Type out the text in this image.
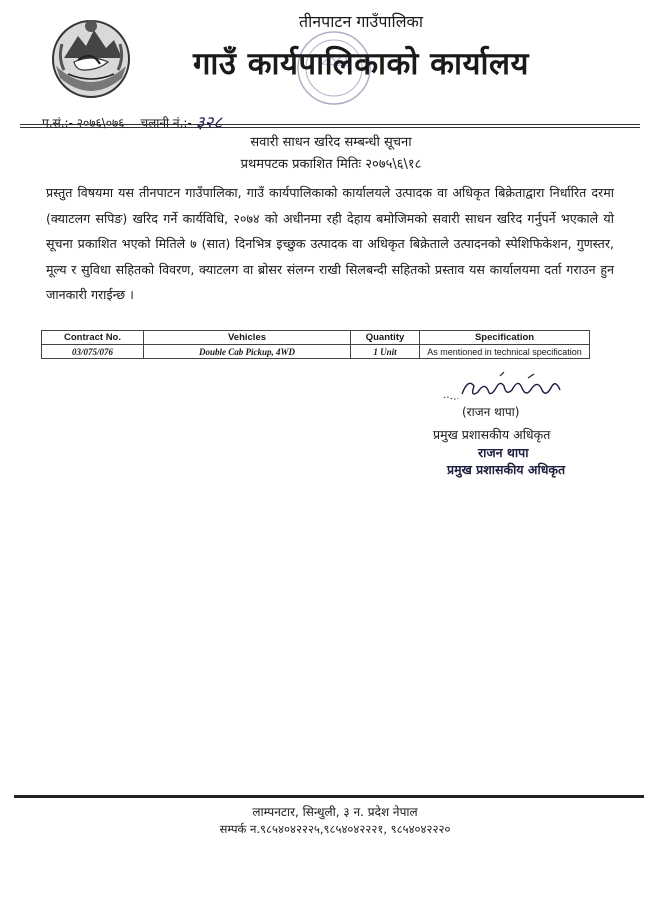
तीनपाटन गाउँपालिका
गाउँ कार्यपालिकाको कार्यालय
प.सं.:- २०७६\०७६ चलानी नं.:- ३२८
सवारी साधन खरिद सम्बन्धी सूचना
प्रथमपटक प्रकाशित मितिः २०७५\६\१८
प्रस्तुत विषयमा यस तीनपाटन गाउँपालिका, गाउँ कार्यपालिकाको कार्यालयले उत्पादक वा अधिकृत बिक्रेताद्वारा निर्धारित दरमा (क्याटलग सपिङ) खरिद गर्ने कार्यविधि, २०७४ को अधीनमा रही देहाय बमोजिमको सवारी साधन खरिद गर्नुपर्ने भएकाले यो सूचना प्रकाशित भएको मितिले ७ (सात) दिनभित्र इच्छुक उत्पादक वा अधिकृत बिक्रेताले उत्पादनको स्पेशिफिकेशन, गुणस्तर, मूल्य र सुविधा सहितको विवरण, क्याटलग वा ब्रोसर संलग्न राखी सिलबन्दी सहितको प्रस्ताव यस कार्यालयमा दर्ता गराउन हुन जानकारी गराईन्छ ।
Contract No.	Vehicles	Quantity	Specification
03/075/076	Double Cab Pickup, 4WD	1 Unit	As mentioned in technical specification
(राजन थापा)
प्रमुख प्रशासकीय अधिकृत
राजन थापा
प्रमुख प्रशासकीय अधिकृत
लाम्पनटार, सिन्धुली, ३ न. प्रदेश नेपाल
सम्पर्क न.९८५४०४२२२५,९८५४०४२२२१, ९८५४०४२२२०
